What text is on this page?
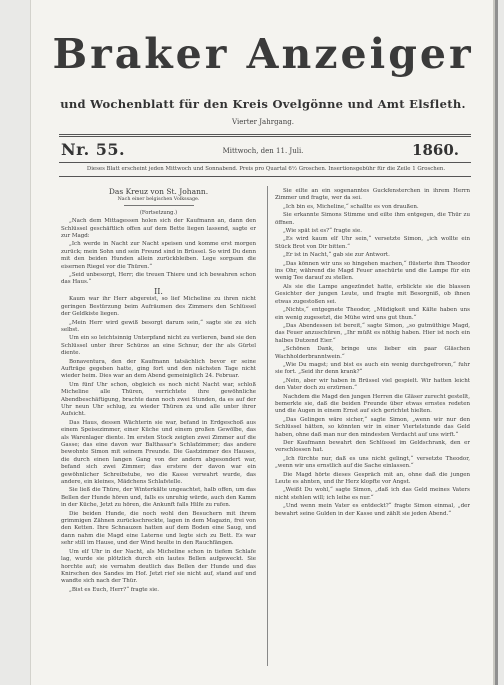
Braker Anzeiger
und Wochenblatt für den Kreis Ovelgönne und Amt Elsfleth.
Vierter Jahrgang.
Nr. 55.	Mittwoch, den 11. Juli.	1860.
Dieses Blatt erscheint jeden Mittwoch und Sonnabend. Preis pro Quartal 6½ Groschen. Insertionsgebühr für die Zeile 1 Groschen.

Das Kreuz von St. Johann.

Nach einer belgischen Volkssage.

(Fortsetzung.)

„Nach dem Mittagessen holen sich der Kaufmann an, dann den Schlüssel geschäftlich offen auf dem Bette liegen lassend, sagte er zur Magd:

„Ich werde in Nacht zur Nacht speisen und komme erst morgen zurück; mein Sohn und sein Freund sind in Brüssel. So wird Du denn mit den beiden Hunden allein zurückbleiben. Lege sorgsam die eisernen Riegel vor die Thüren.“

„Seid unbesorgt, Herr; die treuen Thiere und ich bewahren schon das Haus.“

II.

Kaum war ihr Herr abgereist, so lief Micheline zu ihren nicht geringen Bestürzung beim Aufräumen des Zimmers den Schlüssel der Geldkiste liegen.

„Mein Herr wird gewiß besorgt darum sein,“ sagte sie zu sich selbst.

Um ein so leichtsinnig Unterpfand nicht zu verlieren, band sie den Schlüssel unter ihrer Schürze an eine Schnur, der ihr als Gürtel diente.

Bonaventura, den der Kaufmann tatsächlich bevor er seine Aufträge gegeben hatte, ging fort und den nächsten Tage nicht wieder heim. Dies war an dem Abend gemeiniglich 24. Februar.

Um fünf Uhr schon, obgleich es noch nicht Nacht war, schloß Micheline alle Thüren, verrichtete ihre gewöhnliche Abendbeschäftigung, brachte dann noch zwei Stunden, da es auf der Uhr neun Uhr schlug, zu wieder Thüren zu und alle unter ihrer Aufsicht.

Das Haus, dessen Wächterin sie war, befand in Erdgeschoß aus einem Speisezimmer, einer Küche und einem großen Gewölbe, das als Warenlager diente. Im ersten Stock zeigten zwei Zimmer auf die Gasse; das eine davon war Balthasar's Schlafzimmer; das andere bewohnte Simon mit seinem Freunde. Die Gastzimmer des Hauses, die durch einen langen Gang von der andern abgesondert war, befand sich zwei Zimmer; das erstere der davon war ein gewöhnlicher Schreibstube, wo die Kasse verwahrt wurde, das andere, ein kleines, Mädchens Schlafstelle.

Sie ließ die Thüre, der Winterkälte ungeachtet, halb offen, um das Bellen der Hunde hören und, falls es unruhig würde, auch den Kamm in der Küche, Jetzt zu hören, die Ankunft falls Hilfe zu rufen.

Die beiden Hunde, die noch wohl den Besuchern mit ihrem grimmigen Zähnen zurückschreckte, lagen in dem Magazin, frei von den Ketten. Ihre Schnauzen hatten auf dem Boden eine Saug, und dann nahm die Magd eine Laterne und legte sich zu Bett. Es war sehr still im Hause, und der Wind heulte in den Rauchfängen.

Um elf Uhr in der Nacht, als Micheline schon in tiefem Schlafe lag, wurde sie plötzlich durch ein lautes Bellen aufgeweckt. Sie horchte auf; sie vernahm deutlich das Bellen der Hunde und das Knirschen des Sandes im Hof. Jetzt rief sie nicht auf, stand auf und wandte sich nach der Thür.

„Bist es Euch, Herr?“ fragte sie.

Sie eilte an ein sogenanntes Guckfensterchen in ihrem Herrn Zimmer und fragte, wer da sei.

„Ich bin es, Micheline,“ schallte es von draußen.

Sie erkannte Simons Stimme und eilte ihm entgegen, die Thür zu öffnen.

„Wie spät ist es?“ fragte sie.

„Es wird kaum elf Uhr sein,“ versetzte Simon, „ich wollte ein Stück Brot von Dir bitten.“

„Er ist in Nacht,“ gab sie zur Antwort.

„Das können wir uns so hingehen machen,“ flüsterte ihm Theodor ins Ohr, während die Magd Feuer anschürte und die Lampe für ein wenig Tee darauf zu stellen.

Als sie die Lampe angezündet hatte, erblickte sie die blassen Gesichter der jungen Leute, und fragte mit Besorgniß, ob ihnen etwas zugestoßen sei.

„Nichts,“ entgegnete Theodor, „Müdigkeit und Kälte haben uns ein wenig zugesetzt, die Mühe wird uns gut thun.“

„Das Abendessen ist bereit,“ sagte Simon, „so gutmüthige Magd, das Feuer anzuschüren, „Ihr müßt es nöthig haben. Hier ist noch ein halbes Dutzend Eier.“

„Schönen Dank, bringe uns lieber ein paar Gläschen Wachholderbranntwein.“

„Wie Du magst; und bist es auch ein wenig durchgefroren,“ fuhr sie fort. „Seid ihr denn krank?“

„Nein, aber wir haben in Brüssel viel gespielt. Wir hatten leicht den Vater doch zu erzürnen.“

Nachdem die Magd den jungen Herren die Gläser zurecht gestellt, bemerkte sie, daß die beiden Freunde über etwas ernstes redeten und die Augen in einem Ernst auf sich gerichtet hielten.

„Das Gelingen wäre sicher,“ sagte Simon, „wenn wir nur den Schlüssel hätten, so könnten wir in einer Viertelstunde das Geld haben, ohne daß man nur den mindesten Verdacht auf uns wirft.“

Der Kaufmann bewahrt den Schlüssel im Geldschrank, den er verschlossen hat.

„Ich fürchte nur, daß es uns nicht gelingt,“ versetzte Theodor, „wenn wir uns ernstlich auf die Sache einlassen.“

Die Magd hörte dieses Gespräch mit an, ohne daß die jungen Leute es ahnten, und ihr Herz klopfte vor Angst.

„Weißt Du wohl,“ sagte Simon, „daß ich das Geld meines Vaters nicht stehlen will; ich leihe es nur.“

„Und wenn mein Vater es entdeckt?“ fragte Simon einmal, „der bewahrt seine Gulden in der Kasse und zählt sie jeden Abend.“
